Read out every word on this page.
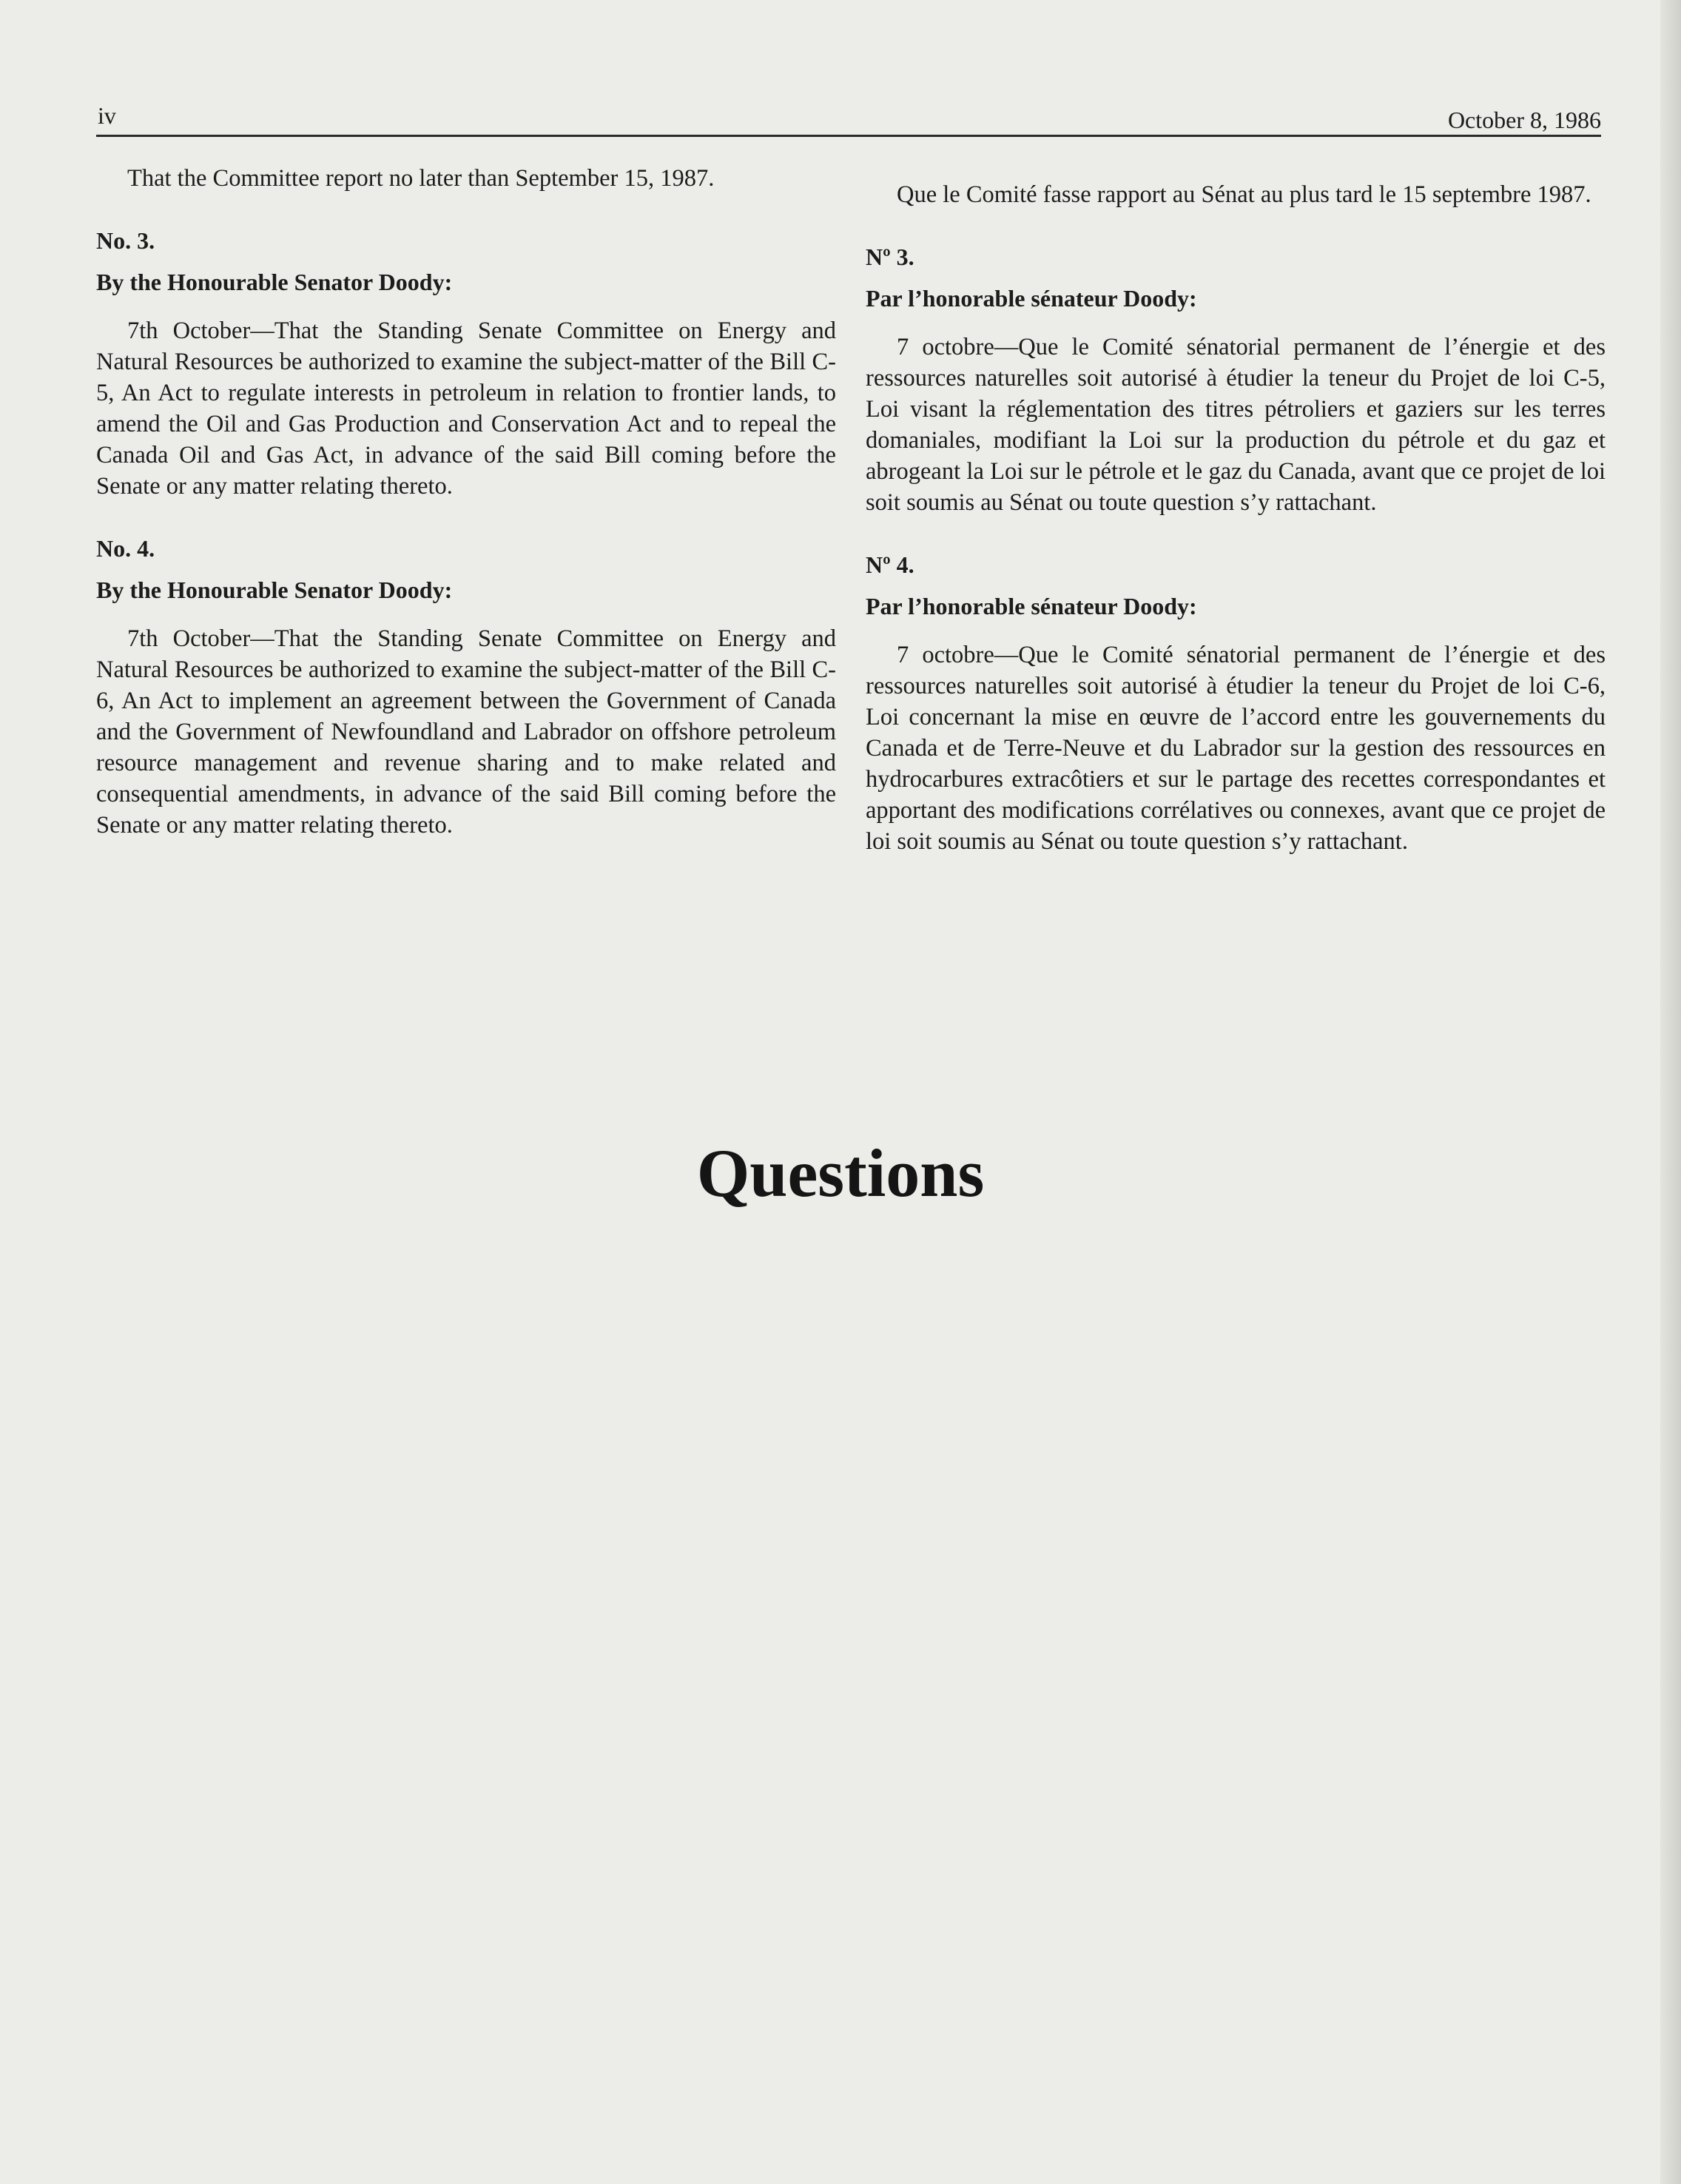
iv	October 8, 1986

That the Committee report no later than September 15, 1987.

No. 3.
By the Honourable Senator Doody:

7th October—That the Standing Senate Committee on Energy and Natural Resources be authorized to examine the subject-matter of the Bill C-5, An Act to regulate interests in petroleum in relation to frontier lands, to amend the Oil and Gas Production and Conservation Act and to repeal the Canada Oil and Gas Act, in advance of the said Bill coming before the Senate or any matter relating thereto.

No. 4.
By the Honourable Senator Doody:

7th October—That the Standing Senate Committee on Energy and Natural Resources be authorized to examine the subject-matter of the Bill C-6, An Act to implement an agreement between the Government of Canada and the Government of Newfoundland and Labrador on offshore petroleum resource management and revenue sharing and to make related and consequential amendments, in advance of the said Bill coming before the Senate or any matter relating thereto.

Que le Comité fasse rapport au Sénat au plus tard le 15 septembre 1987.

Nº 3.
Par l’honorable sénateur Doody:

7 octobre—Que le Comité sénatorial permanent de l’énergie et des ressources naturelles soit autorisé à étudier la teneur du Projet de loi C-5, Loi visant la réglementation des titres pétroliers et gaziers sur les terres domaniales, modifiant la Loi sur la production du pétrole et du gaz et abrogeant la Loi sur le pétrole et le gaz du Canada, avant que ce projet de loi soit soumis au Sénat ou toute question s’y rattachant.

Nº 4.
Par l’honorable sénateur Doody:

7 octobre—Que le Comité sénatorial permanent de l’énergie et des ressources naturelles soit autorisé à étudier la teneur du Projet de loi C-6, Loi concernant la mise en œuvre de l’accord entre les gouvernements du Canada et de Terre-Neuve et du Labrador sur la gestion des ressources en hydrocarbures extracôtiers et sur le partage des recettes correspondantes et apportant des modifications corrélatives ou connexes, avant que ce projet de loi soit soumis au Sénat ou toute question s’y rattachant.

Questions
